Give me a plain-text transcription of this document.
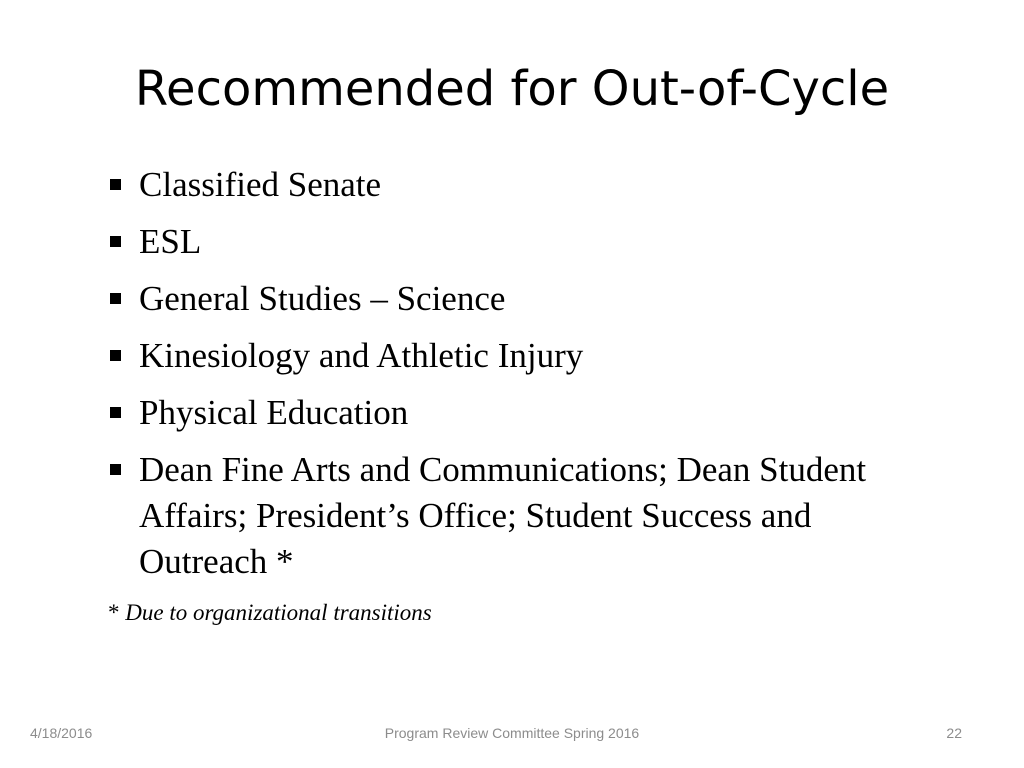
Recommended for Out-of-Cycle
Classified Senate
ESL
General Studies – Science
Kinesiology and Athletic Injury
Physical Education
Dean Fine Arts and Communications; Dean Student Affairs; President’s Office; Student Success and Outreach *
* Due to organizational transitions
4/18/2016	Program Review Committee Spring 2016	22
